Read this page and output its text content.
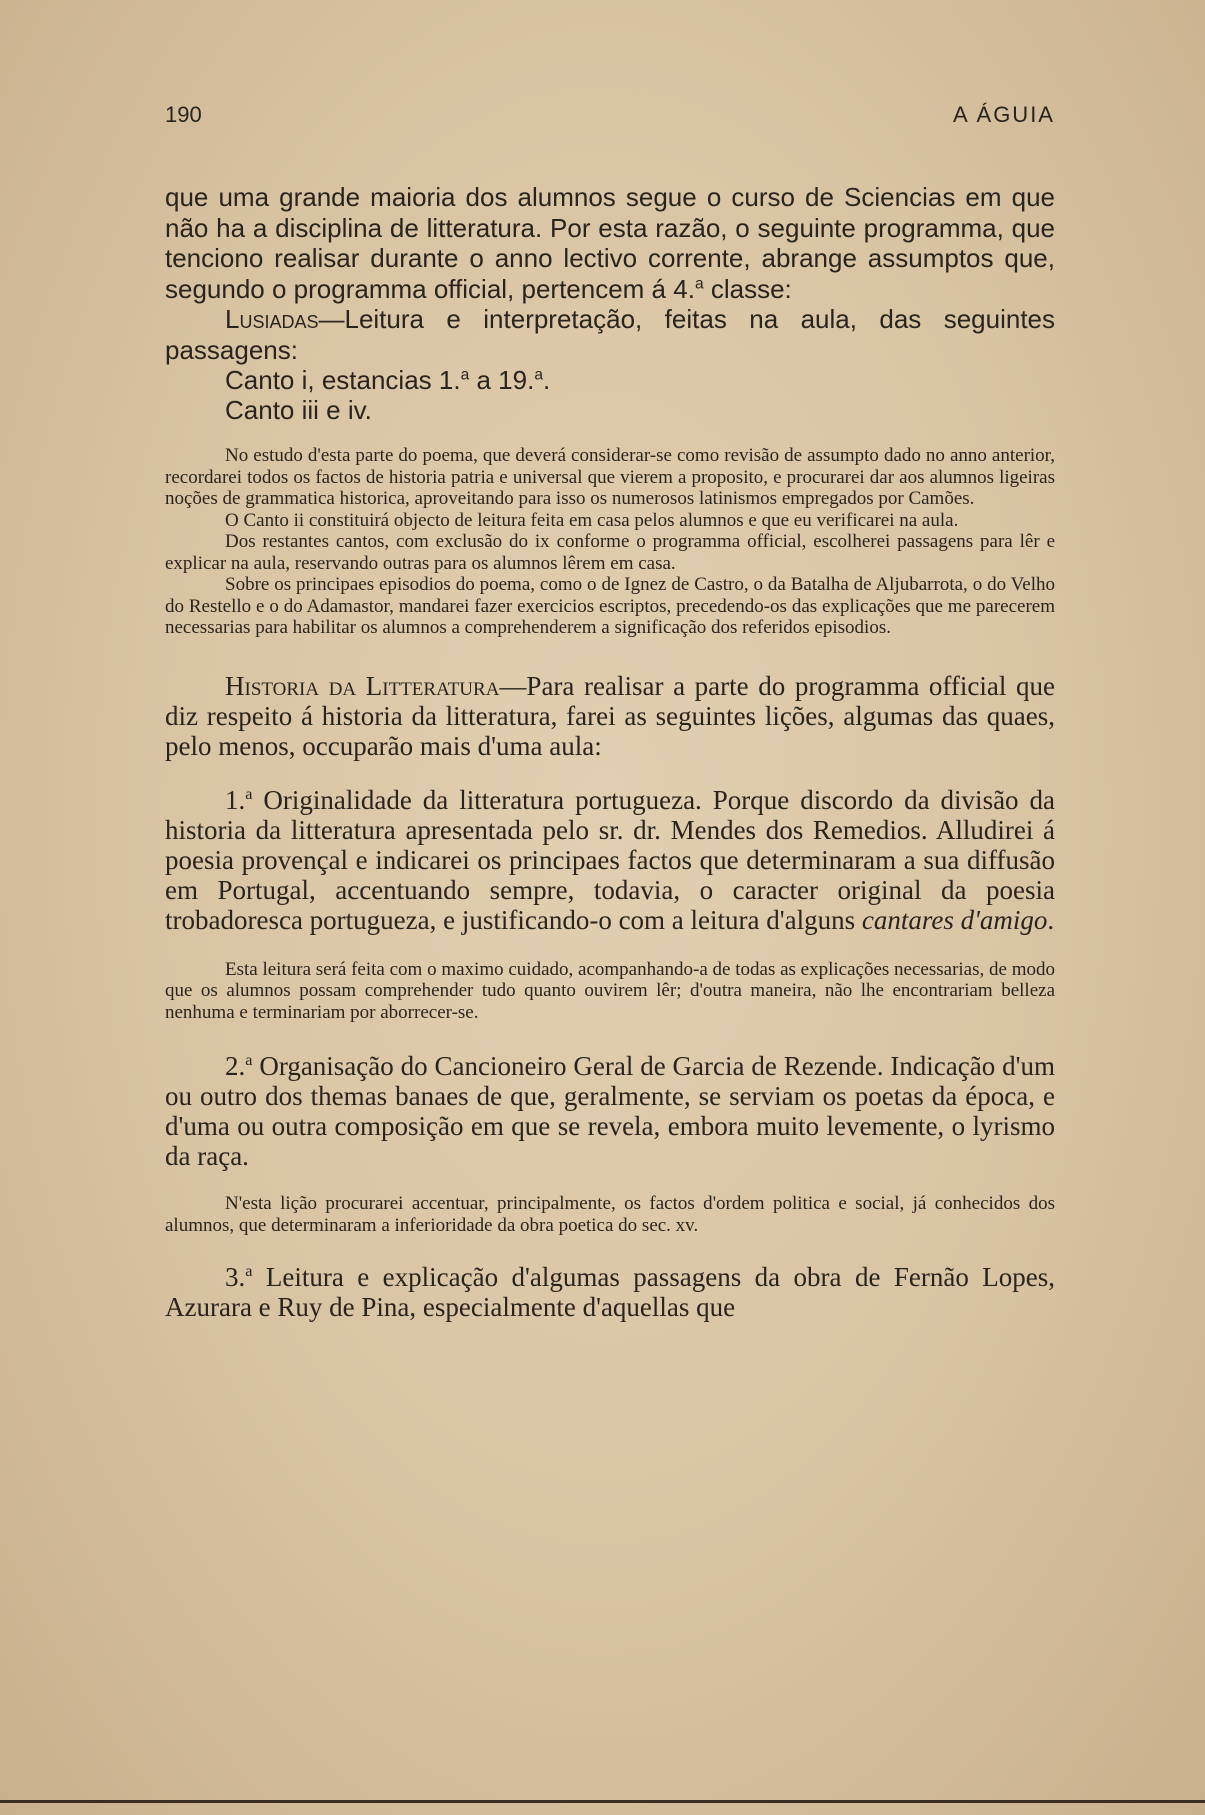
190	A ÁGUIA

que uma grande maioria dos alumnos segue o curso de Sciencias em que não ha a disciplina de litteratura. Por esta razão, o seguinte programma, que tenciono realisar durante o anno lectivo corrente, abrange assumptos que, segundo o programma official, pertencem á 4.$^a$ classe:

Lusiadas—Leitura e interpretação, feitas na aula, das seguintes passagens:

Canto i, estancias 1.$^a$ a 19.$^a$.

Canto iii e iv.

No estudo d'esta parte do poema, que deverá considerar-se como revisão de assumpto dado no anno anterior, recordarei todos os factos de historia patria e universal que vierem a proposito, e procurarei dar aos alumnos ligeiras noções de grammatica historica, aproveitando para isso os numerosos latinismos empregados por Camões.

O Canto ii constituirá objecto de leitura feita em casa pelos alumnos e que eu verificarei na aula.

Dos restantes cantos, com exclusão do ix conforme o programma official, escolherei passagens para lêr e explicar na aula, reservando outras para os alumnos lêrem em casa.

Sobre os principaes episodios do poema, como o de Ignez de Castro, o da Batalha de Aljubarrota, o do Velho do Restello e o do Adamastor, mandarei fazer exercicios escriptos, precedendo-os das explicações que me parecerem necessarias para habilitar os alumnos a comprehenderem a significação dos referidos episodios.

Historia da Litteratura—Para realisar a parte do programma official que diz respeito á historia da litteratura, farei as seguintes lições, algumas das quaes, pelo menos, occuparão mais d'uma aula:

1.$^a$ Originalidade da litteratura portugueza. Porque discordo da divisão da historia da litteratura apresentada pelo sr. dr. Mendes dos Remedios. Alludirei á poesia provençal e indicarei os principaes factos que determinaram a sua diffusão em Portugal, accentuando sempre, todavia, o caracter original da poesia trobadoresca portugueza, e justificando-o com a leitura d'alguns cantares d'amigo.

Esta leitura será feita com o maximo cuidado, acompanhando-a de todas as explicações necessarias, de modo que os alumnos possam comprehender tudo quanto ouvirem lêr; d'outra maneira, não lhe encontrariam belleza nenhuma e terminariam por aborrecer-se.

2.$^a$ Organisação do Cancioneiro Geral de Garcia de Rezende. Indicação d'um ou outro dos themas banaes de que, geralmente, se serviam os poetas da época, e d'uma ou outra composição em que se revela, embora muito levemente, o lyrismo da raça.

N'esta lição procurarei accentuar, principalmente, os factos d'ordem politica e social, já conhecidos dos alumnos, que determinaram a inferioridade da obra poetica do sec. xv.

3.$^a$ Leitura e explicação d'algumas passagens da obra de Fernão Lopes, Azurara e Ruy de Pina, especialmente d'aquellas que
